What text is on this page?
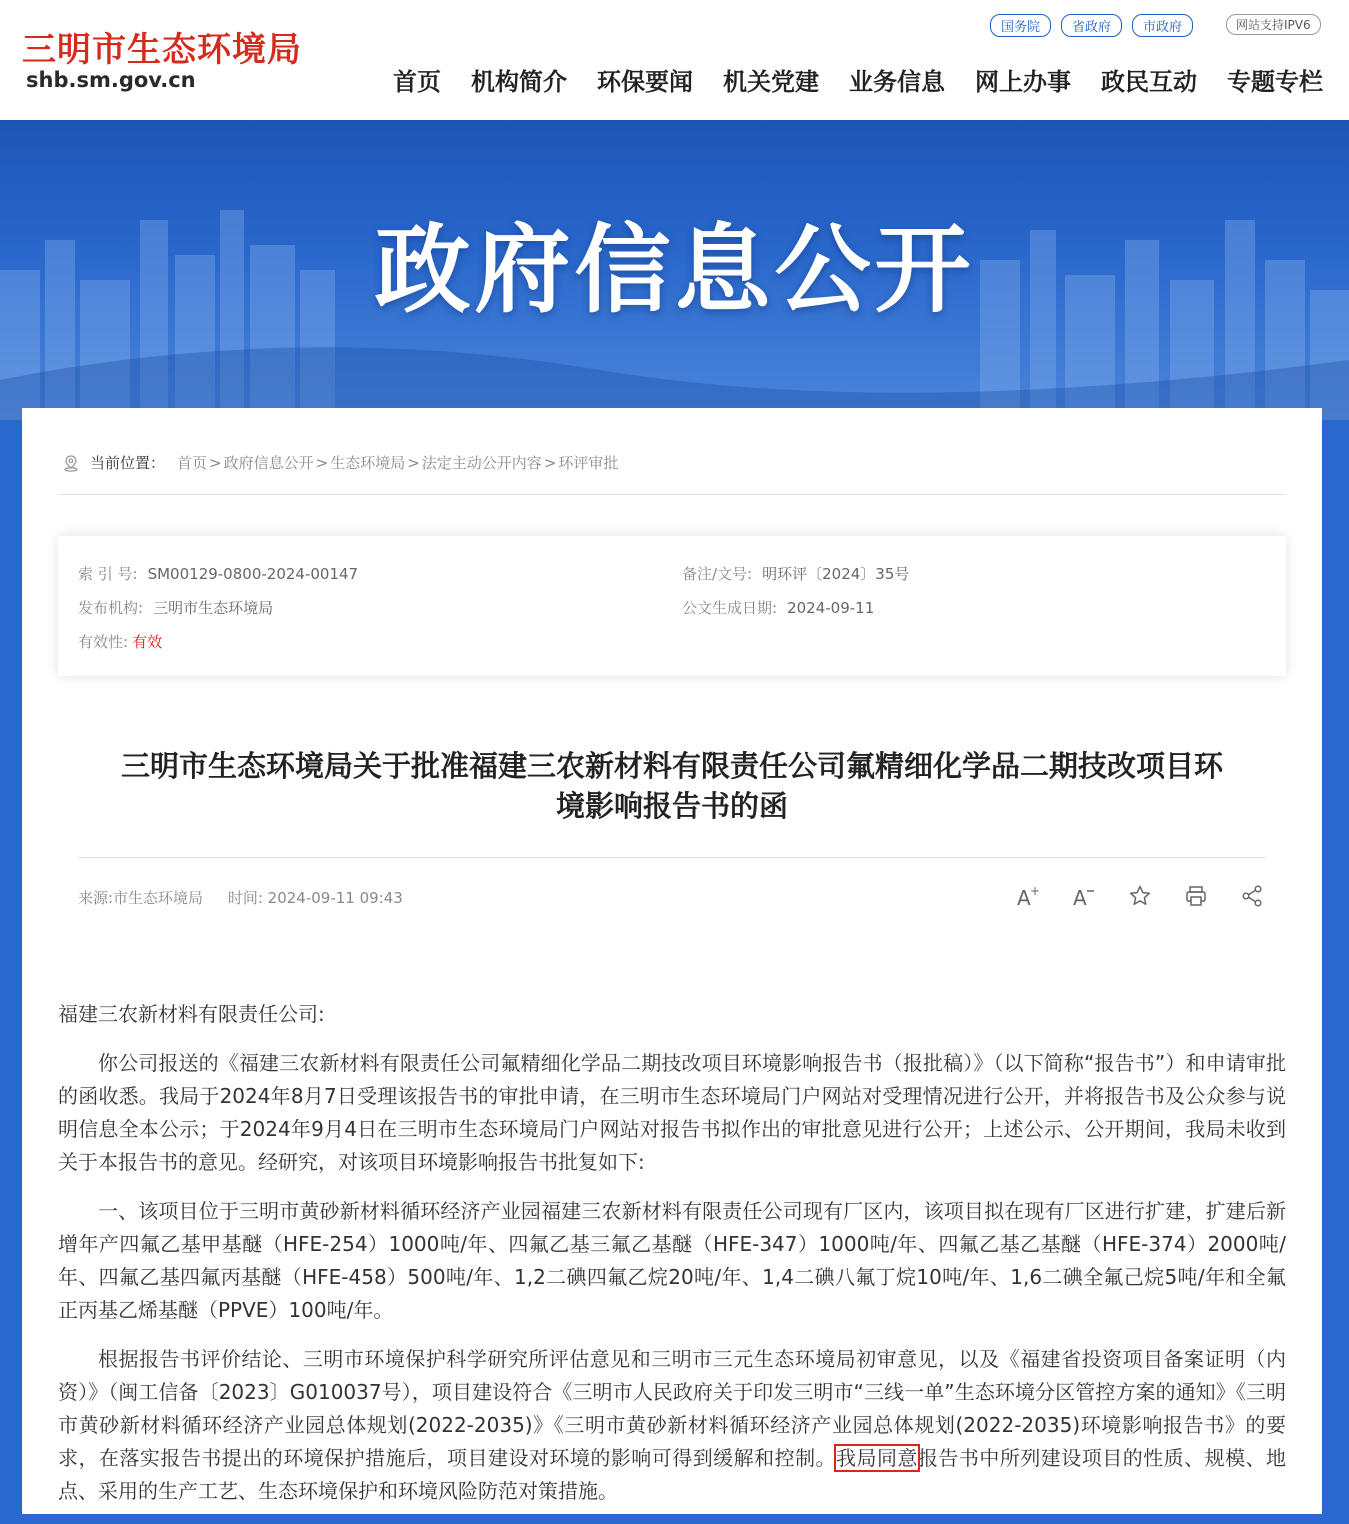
三明市生态环境局
shb.sm.gov.cn
国务院	省政府	市政府	网站支持IPV6
首页 机构简介 环保要闻 机关党建 业务信息 网上办事 政民互动 专题专栏
政府信息公开
当前位置： 首页 > 政府信息公开 > 生态环境局 > 法定主动公开内容 > 环评审批
索 引 号: SM00129-0800-2024-00147	备注/文号: 明环评〔2024〕35号
发布机构: 三明市生态环境局	公文生成日期: 2024-09-11
有效性: 有效
三明市生态环境局关于批准福建三农新材料有限责任公司氟精细化学品二期技改项目环
境影响报告书的函
来源:市生态环境局 时间: 2024-09-11 09:43	A + A

福建三农新材料有限责任公司:

你公司报送的《福建三农新材料有限责任公司氟精细化学品二期技改项目环境影响报告书（报批稿）》（以下简称“报告书”）和申请审批的函收悉。我局于2024年8月7日受理该报告书的审批申请，在三明市生态环境局门户网站对受理情况进行公开，并将报告书及公众参与说明信息全本公示；于2024年9月4日在三明市生态环境局门户网站对报告书拟作出的审批意见进行公开；上述公示、公开期间，我局未收到关于本报告书的意见。经研究，对该项目环境影响报告书批复如下:

一、该项目位于三明市黄砂新材料循环经济产业园福建三农新材料有限责任公司现有厂区内，该项目拟在现有厂区进行扩建，扩建后新增年产四氟乙基甲基醚（HFE-254）1000吨/年、四氟乙基三氟乙基醚（HFE-347）1000吨/年、四氟乙基乙基醚（HFE-374）2000吨/年、四氟乙基四氟丙基醚（HFE-458）500吨/年、1,2二碘四氟乙烷20吨/年、1,4二碘八氟丁烷10吨/年、1,6二碘全氟己烷5吨/年和全氟正丙基乙烯基醚（PPVE）100吨/年。

根据报告书评价结论、三明市环境保护科学研究所评估意见和三明市三元生态环境局初审意见，以及《福建省投资项目备案证明（内资）》（闽工信备〔2023〕G010037号），项目建设符合《三明市人民政府关于印发三明市“三线一单”生态环境分区管控方案的通知》《三明市黄砂新材料循环经济产业园总体规划(2022-2035)》《三明市黄砂新材料循环经济产业园总体规划(2022-2035)环境影响报告书》的要求，在落实报告书提出的环境保护措施后，项目建设对环境的影响可得到缓解和控制。我局同意报告书中所列建设项目的性质、规模、地点、采用的生产工艺、生态环境保护和环境风险防范对策措施。
